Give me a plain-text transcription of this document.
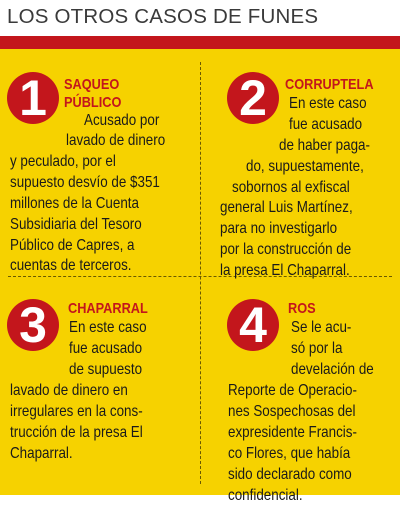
LOS OTROS CASOS DE FUNES
1 SAQUEO
PÚBLICO
Acusado por
lavado de dinero
y peculado, por el
supuesto desvío de $351
millones de la Cuenta
Subsidiaria del Tesoro
Público de Capres, a
cuentas de terceros.
2 CORRUPTELA
En este caso
fue acusado
de haber paga-
do, supuestamente,
sobornos al exfiscal
general Luis Martínez,
para no investigarlo
por la construcción de
la presa El Chaparral.
3 CHAPARRAL
En este caso
fue acusado
de supuesto
lavado de dinero en
irregulares en la cons-
trucción de la presa El
Chaparral.
4 ROS
Se le acu-
só por la
develación de
Reporte de Operacio-
nes Sospechosas del
expresidente Francis-
co Flores, que había
sido declarado como
confidencial.
